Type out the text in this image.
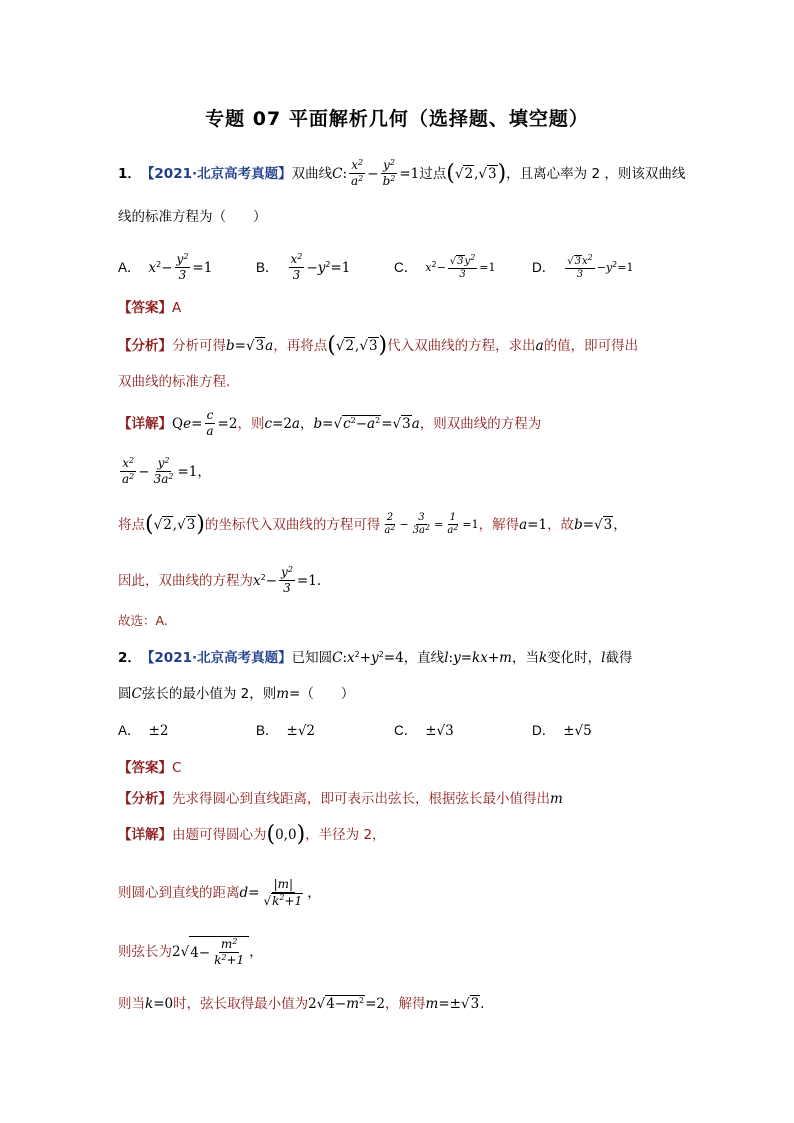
专题 07 平面解析几何（选择题、填空题）
1． 【2021·北京高考真题】 双曲线 C : $\frac{x^2}{a^2} - \frac{y^2}{b^2} =1$ 过点 ( √2,√3 ) ，且离心率为 2 ，则该双曲线
线的标准方程为（　　）
A． $x^2 - \frac{y^2}{3} =1$	B． $\frac{x^2}{3} - y^2 =1$	C． $x^2 - \frac{√3y^2}{3} =1$	D． $\frac{√3x^2}{3} - y^2 =1$
【答案】 A
【分析】 分析可得 b =√3 a ，再将点 ( √2,√3 ) 代入双曲线的方程，求出 a 的值，即可得出
双曲线的标准方程.
【详解】 Q $e = \frac{c}{a} =2$ ，则 c =2 a ， $b =√c^2-a^2=√3$ a ，则双曲线的方程为
$\frac{x^2}{a^2} - \frac{y^2}{3a^2} =1$ ，
将点 ( √2,√3 ) 的坐标代入双曲线的方程可得 $\frac{2}{a^2} - \frac{3}{3a^2} = \frac{1}{a^2} =1$ ，解得 a =1 ，故 b =√3 ，
因此，双曲线的方程为 $x^2 - \frac{y^2}{3} =1$.
故选：A.
2． 【2021·北京高考真题】 已知圆 C : $x^2 + y^2 =4$ ，直线 l : y = kx + m ，当 k 变化时， l 截得
圆 C 弦长的最小值为 2，则 m = （　　）
A． ±2	B． ±√2	C． ±√3	D． ±√5
【答案】 C
【分析】 先求得圆心到直线距离，即可表示出弦长，根据弦长最小值得出 m
【详解】 由题可得圆心为 ( 0,0 ) ，半径为 2，
则圆心到直线的距离 $d = \frac{|m|}{√k^2+1}$ ，
则弦长为 2√ $4- \frac{m^2}{k^2+1}$ ，
则当 k =0 时，弦长取得最小值为 $2√4-m^2=2$ ，解得 m =±√3.
